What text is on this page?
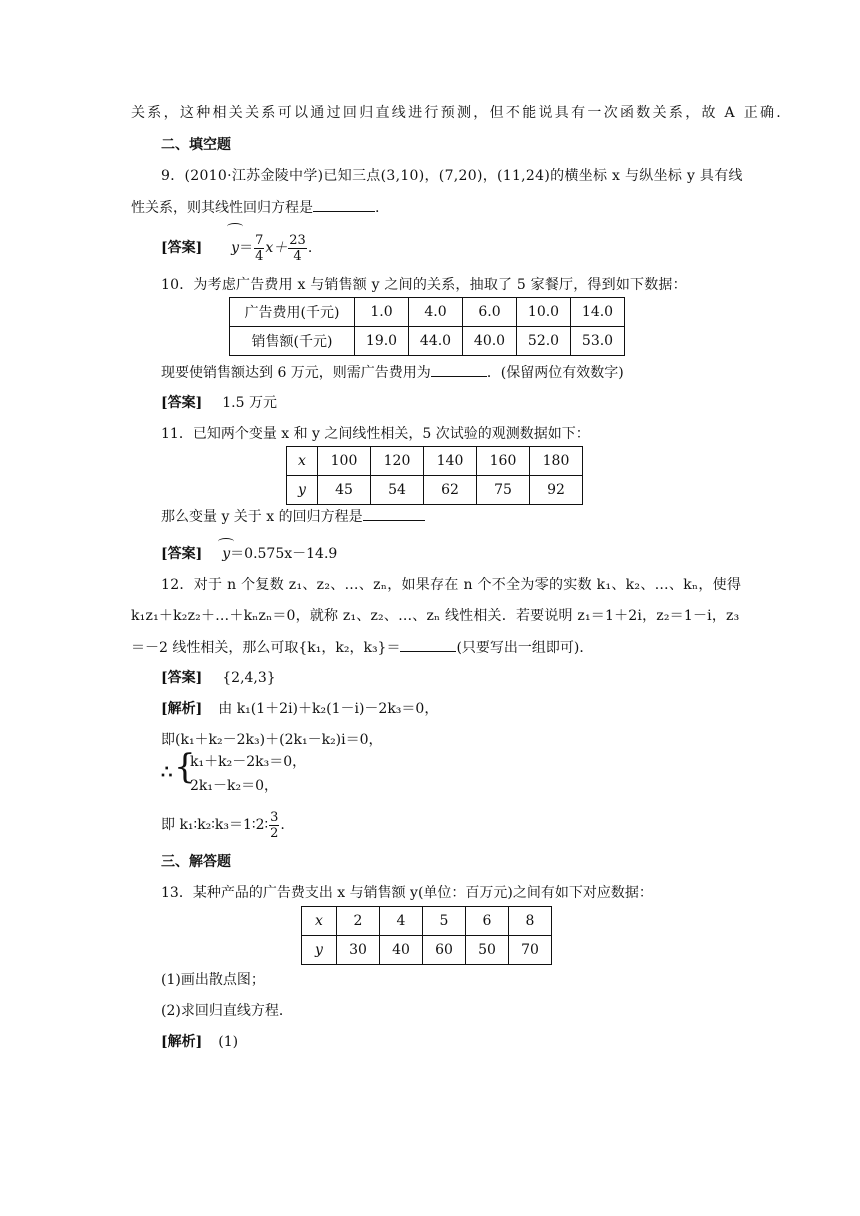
关系，这种相关关系可以通过回归直线进行预测，但不能说具有一次函数关系，故 A 正确.
二、填空题
9．(2010·江苏金陵中学)已知三点(3,10)，(7,20)，(11,24)的横坐标 x 与纵坐标 y 具有线
性关系，则其线性回归方程是	.
[答案] $y= \frac{7}{4} x+ \frac{23}{4}$ .
10．为考虑广告费用 x 与销售额 y 之间的关系，抽取了 5 家餐厅，得到如下数据：
广告费用(千元)	1.0	4.0	6.0	10.0	14.0
销售额(千元)	19.0	44.0	40.0	52.0	53.0
现要使销售额达到 6 万元，则需广告费用为	．(保留两位有效数字)
[答案] 1.5 万元
11．已知两个变量 x 和 y 之间线性相关，5 次试验的观测数据如下：
x	100	120	140	160	180
y	45	54	62	75	92
那么变量 y 关于 x 的回归方程是
[答案] y＝0.575x－14.9
12．对于 n 个复数 z₁、z₂、…、zₙ，如果存在 n 个不全为零的实数 k₁、k₂、…、kₙ，使得
k₁z₁＋k₂z₂＋…＋kₙzₙ＝0，就称 z₁、z₂、…、zₙ 线性相关．若要说明 z₁＝1＋2i，z₂＝1－i，z₃
＝－2 线性相关，那么可取{k₁，k₂，k₃}＝	(只要写出一组即可)．
[答案] {2,4,3}
[解析] 由 k₁(1＋2i)＋k₂(1－i)－2k₃＝0，
即(k₁＋k₂－2k₃)＋(2k₁－k₂)i＝0，
∴ {
k₁＋k₂－2k₃＝0，
2k₁－k₂＝0，
即 k₁∶k₂∶k₃＝1∶2∶ $\frac{3}{2}$ .
三、解答题
13．某种产品的广告费支出 x 与销售额 y(单位：百万元)之间有如下对应数据：
x	2	4	5	6	8
y	30	40	60	50	70
(1)画出散点图；
(2)求回归直线方程．
[解析] (1)
